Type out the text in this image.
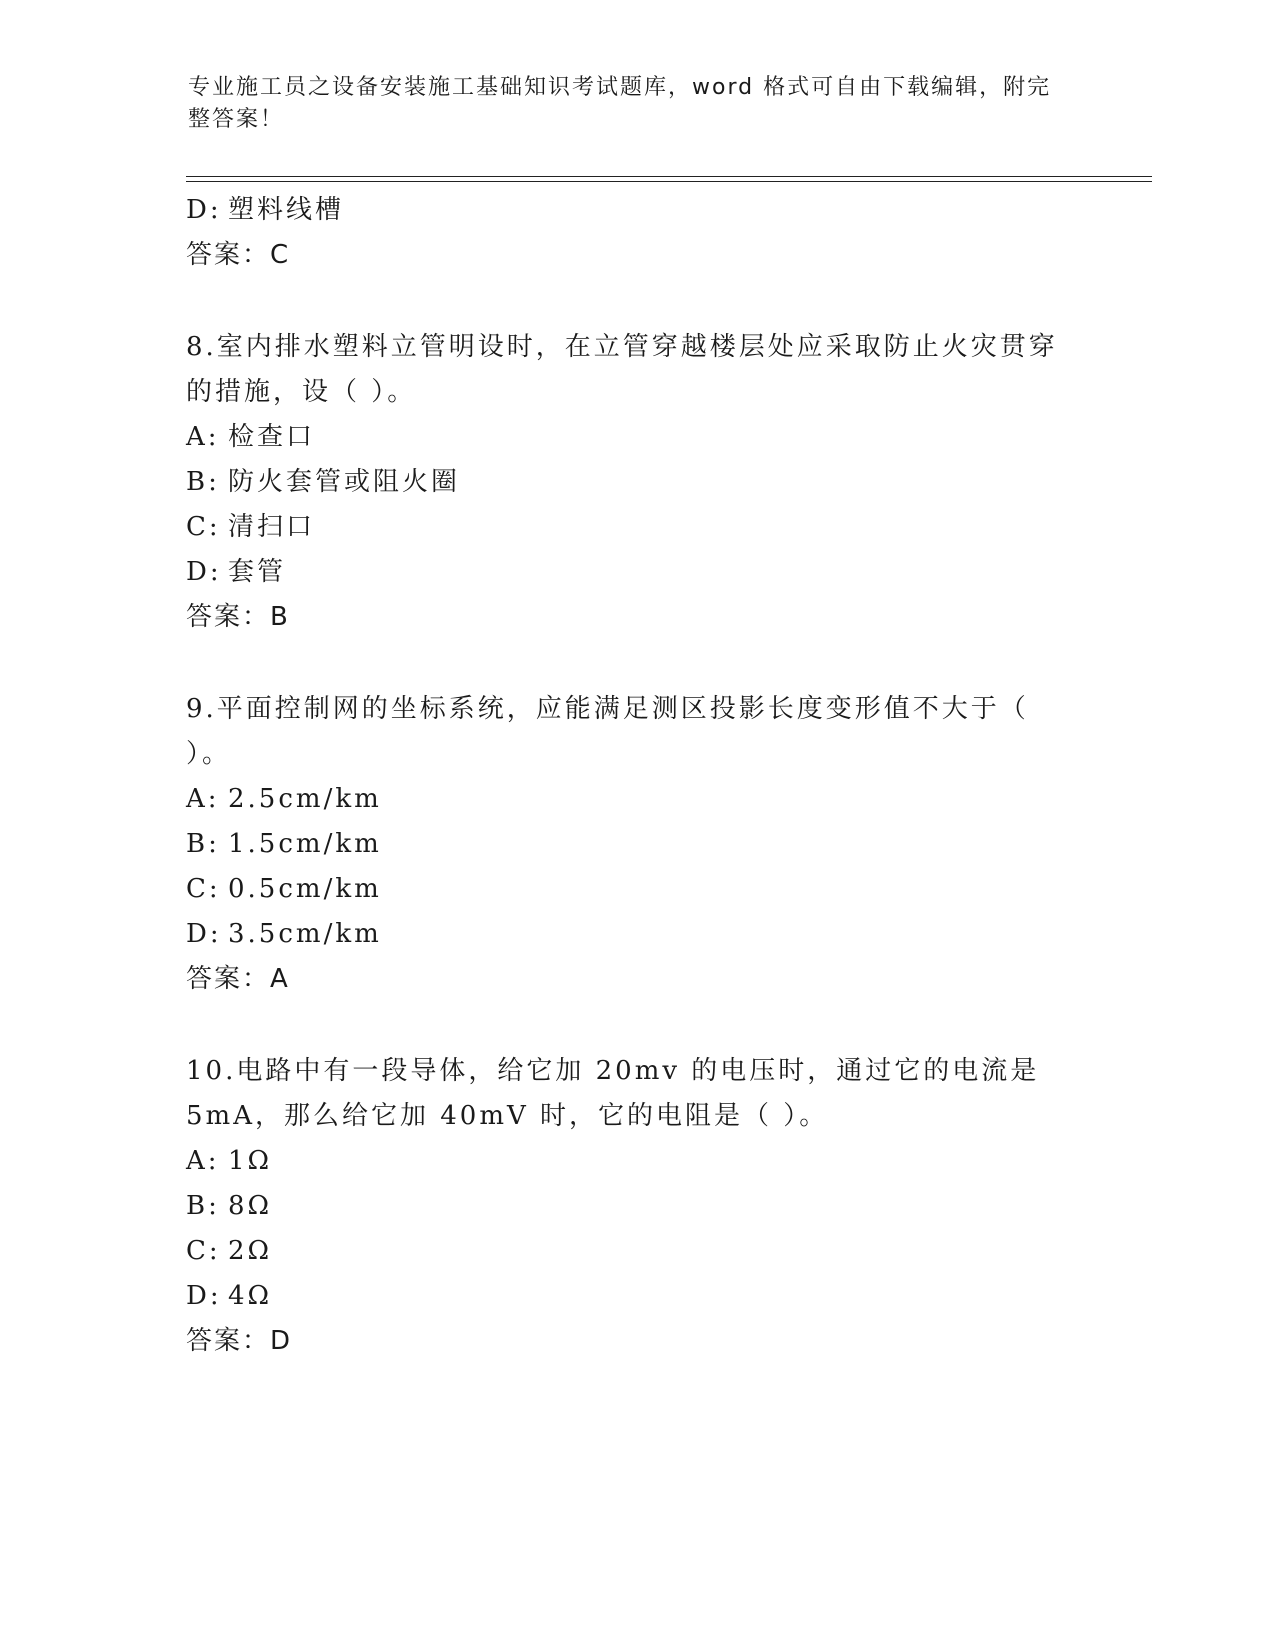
专业施工员之设备安装施工基础知识考试题库，word 格式可自由下载编辑，附完整答案！
D: 塑料线槽
答案：C
8.室内排水塑料立管明设时，在立管穿越楼层处应采取防止火灾贯穿的措施，设（ ）。
A: 检查口
B: 防火套管或阻火圈
C: 清扫口
D: 套管
答案：B
9.平面控制网的坐标系统，应能满足测区投影长度变形值不大于（ ）。
A: 2.5cm/km
B: 1.5cm/km
C: 0.5cm/km
D: 3.5cm/km
答案：A
10.电路中有一段导体，给它加 20mv 的电压时，通过它的电流是 5mA，那么给它加 40mV 时，它的电阻是（ ）。
A: 1Ω
B: 8Ω
C: 2Ω
D: 4Ω
答案：D
